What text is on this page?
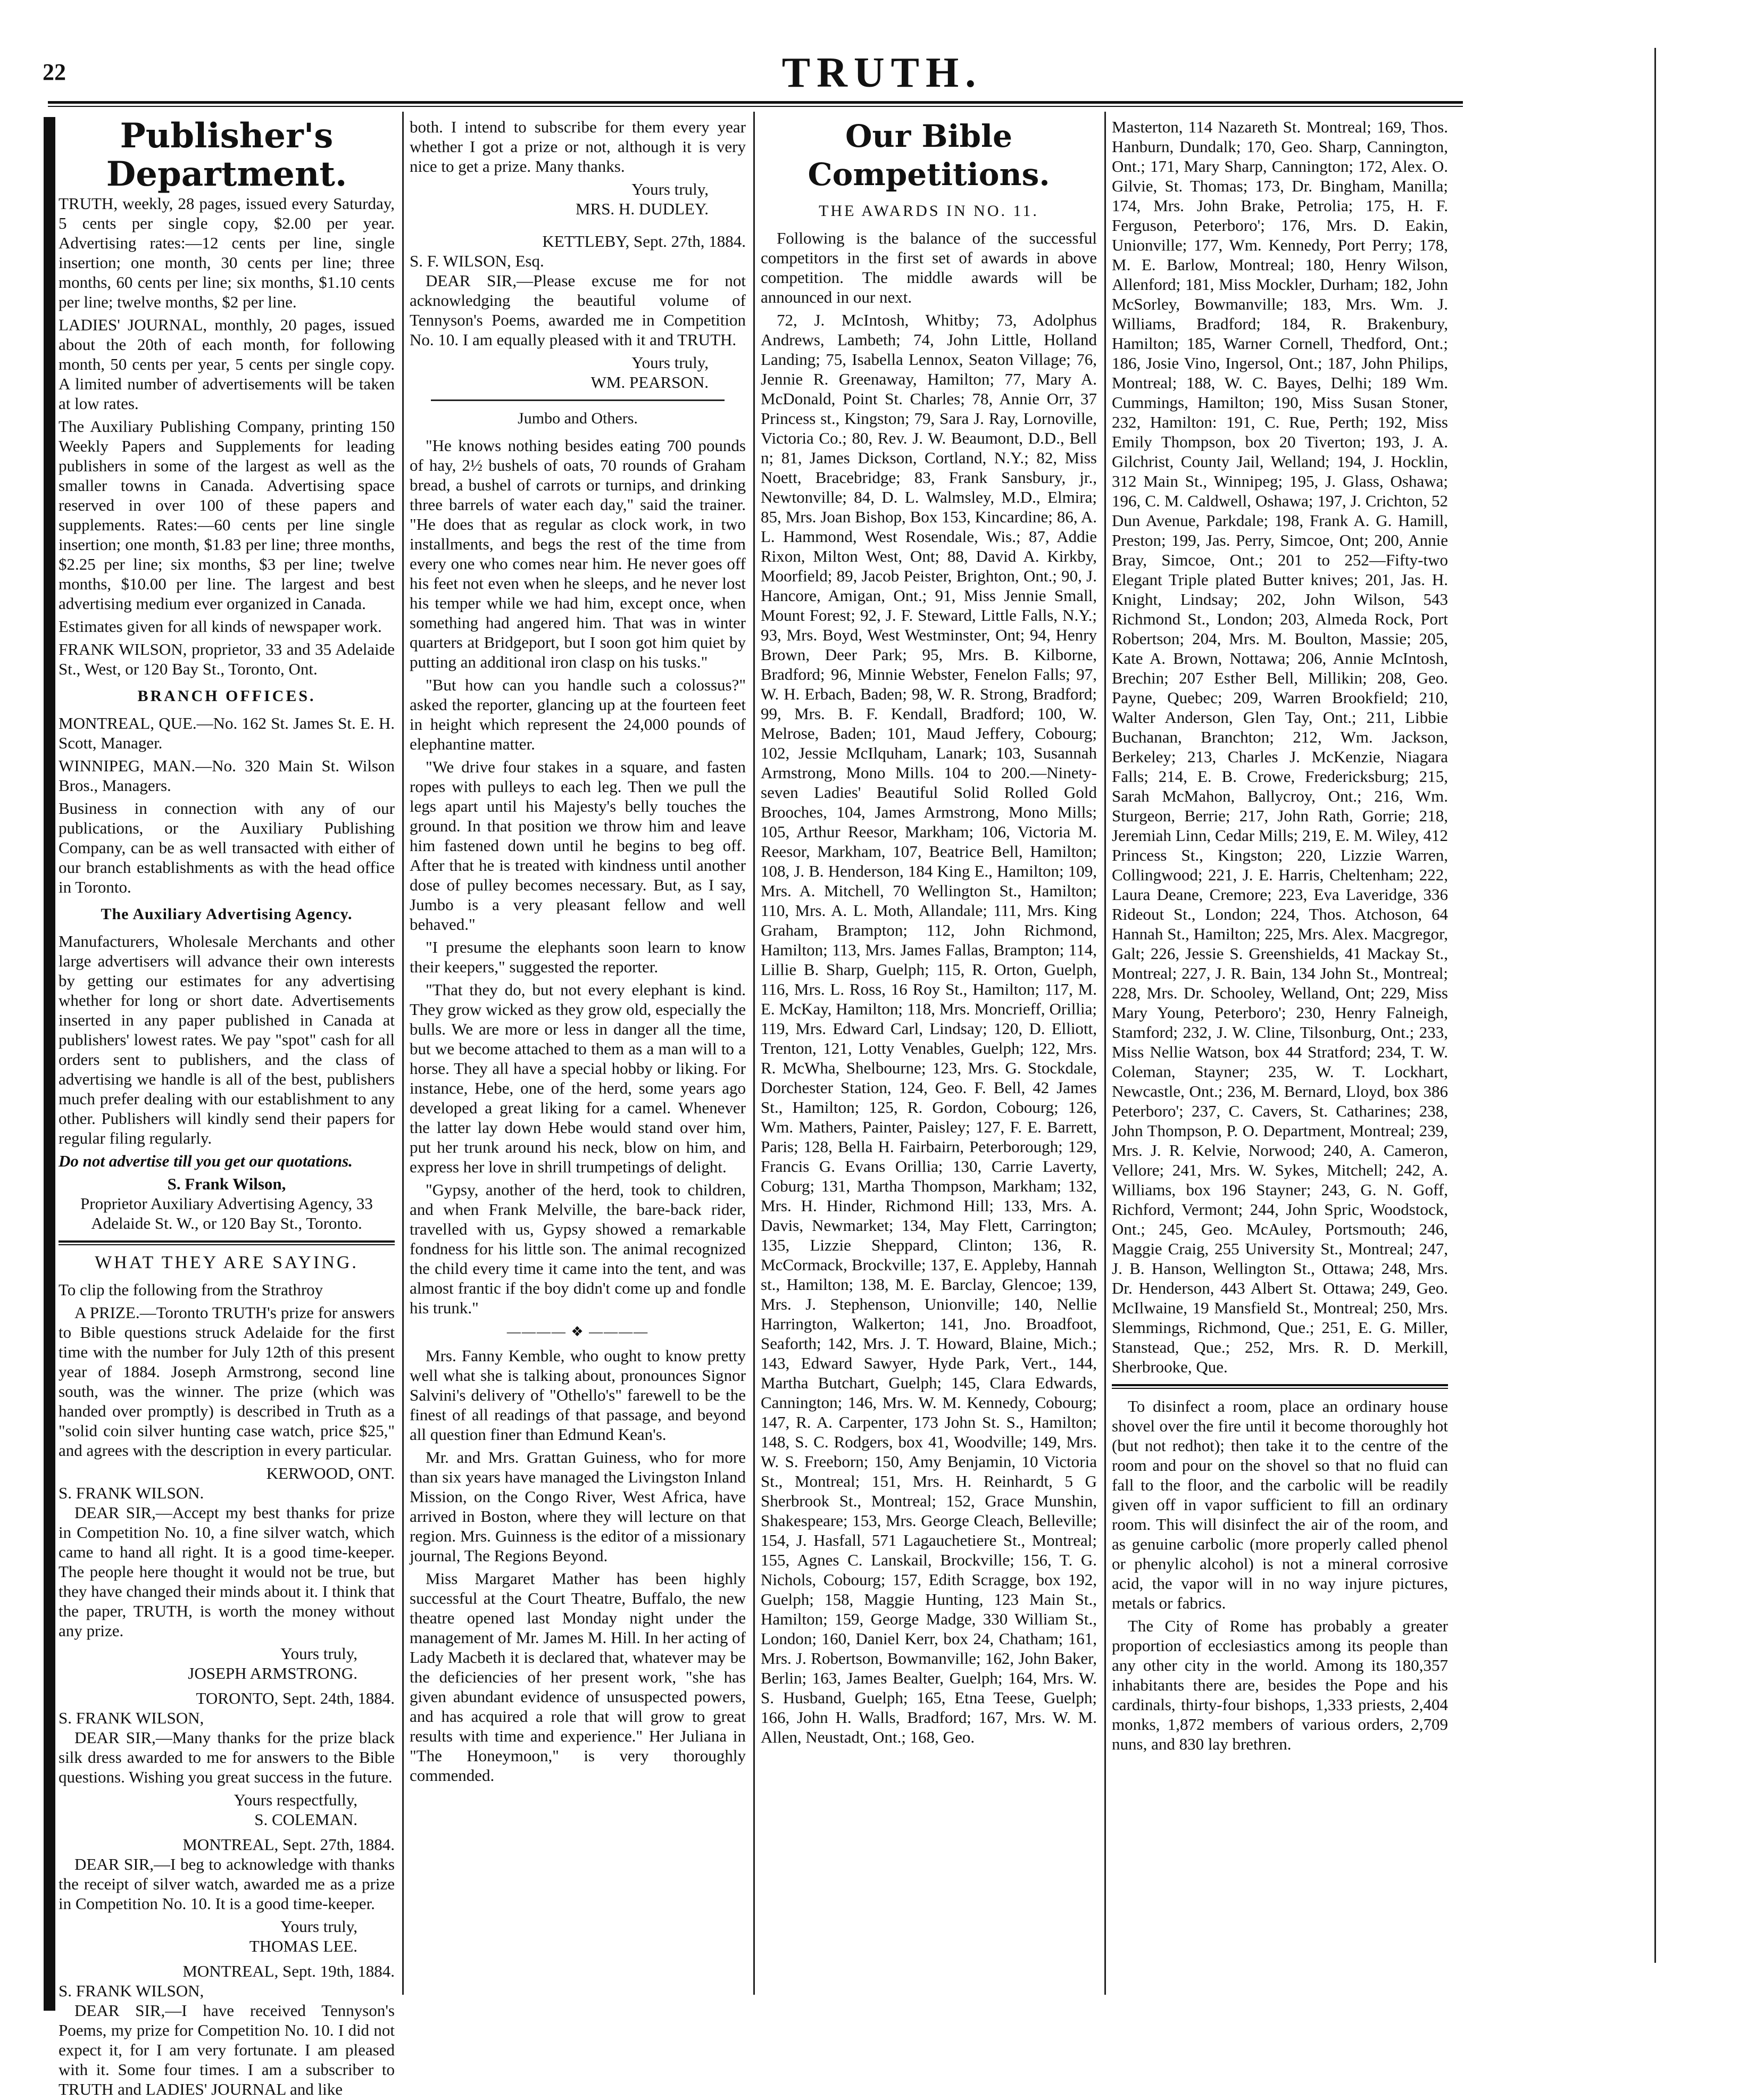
22	TRUTH.
Publisher's Department.

TRUTH, weekly, 28 pages, issued every Saturday, 5 cents per single copy, $2.00 per year. Advertising rates:—12 cents per line, single insertion; one month, 30 cents per line; three months, 60 cents per line; six months, $1.10 cents per line; twelve months, $2 per line.

LADIES' JOURNAL, monthly, 20 pages, issued about the 20th of each month, for following month, 50 cents per year, 5 cents per single copy. A limited number of advertisements will be taken at low rates.

The Auxiliary Publishing Company, printing 150 Weekly Papers and Supplements for leading publishers in some of the largest as well as the smaller towns in Canada. Advertising space reserved in over 100 of these papers and supplements. Rates:—60 cents per line single insertion; one month, $1.83 per line; three months, $2.25 per line; six months, $3 per line; twelve months, $10.00 per line. The largest and best advertising medium ever organized in Canada.

Estimates given for all kinds of newspaper work.

FRANK WILSON, proprietor, 33 and 35 Adelaide St., West, or 120 Bay St., Toronto, Ont.

BRANCH OFFICES.

MONTREAL, QUE.—No. 162 St. James St. E. H. Scott, Manager.

WINNIPEG, MAN.—No. 320 Main St. Wilson Bros., Managers.

Business in connection with any of our publications, or the Auxiliary Publishing Company, can be as well transacted with either of our branch establishments as with the head office in Toronto.

The Auxiliary Advertising Agency.

Manufacturers, Wholesale Merchants and other large advertisers will advance their own interests by getting our estimates for any advertising whether for long or short date. Advertisements inserted in any paper published in Canada at publishers' lowest rates. We pay "spot" cash for all orders sent to publishers, and the class of advertising we handle is all of the best, publishers much prefer dealing with our establishment to any other. Publishers will kindly send their papers for regular filing regularly.

Do not advertise till you get our quotations.

S. Frank Wilson,
Proprietor Auxiliary Advertising Agency, 33 Adelaide St. W., or 120 Bay St., Toronto.
WHAT THEY ARE SAYING.

To clip the following from the Strathroy

A PRIZE.—Toronto TRUTH's prize for answers to Bible questions struck Adelaide for the first time with the number for July 12th of this present year of 1884. Joseph Armstrong, second line south, was the winner. The prize (which was handed over promptly) is described in Truth as a "solid coin silver hunting case watch, price $25," and agrees with the description in every particular.

KERWOOD, ONT.
S. FRANK WILSON.

DEAR SIR,—Accept my best thanks for prize in Competition No. 10, a fine silver watch, which came to hand all right. It is a good time-keeper. The people here thought it would not be true, but they have changed their minds about it. I think that the paper, TRUTH, is worth the money without any prize.

Yours truly,
JOSEPH ARMSTRONG.
TORONTO, Sept. 24th, 1884.
S. FRANK WILSON,

DEAR SIR,—Many thanks for the prize black silk dress awarded to me for answers to the Bible questions. Wishing you great success in the future.

Yours respectfully,
S. COLEMAN.
MONTREAL, Sept. 27th, 1884.

DEAR SIR,—I beg to acknowledge with thanks the receipt of silver watch, awarded me as a prize in Competition No. 10. It is a good time-keeper.

Yours truly,
THOMAS LEE.
MONTREAL, Sept. 19th, 1884.
S. FRANK WILSON,

DEAR SIR,—I have received Tennyson's Poems, my prize for Competition No. 10. I did not expect it, for I am very fortunate. I am pleased with it. Some four times. I am a subscriber to TRUTH and LADIES' JOURNAL and like

both. I intend to subscribe for them every year whether I got a prize or not, although it is very nice to get a prize. Many thanks.

Yours truly,
MRS. H. DUDLEY.
KETTLEBY, Sept. 27th, 1884.
S. F. WILSON, Esq.

DEAR SIR,—Please excuse me for not acknowledging the beautiful volume of Tennyson's Poems, awarded me in Competition No. 10. I am equally pleased with it and TRUTH.

Yours truly,
WM. PEARSON.
Jumbo and Others.

"He knows nothing besides eating 700 pounds of hay, 2½ bushels of oats, 70 rounds of Graham bread, a bushel of carrots or turnips, and drinking three barrels of water each day," said the trainer. "He does that as regular as clock work, in two installments, and begs the rest of the time from every one who comes near him. He never goes off his feet not even when he sleeps, and he never lost his temper while we had him, except once, when something had angered him. That was in winter quarters at Bridgeport, but I soon got him quiet by putting an additional iron clasp on his tusks."

"But how can you handle such a colossus?" asked the reporter, glancing up at the fourteen feet in height which represent the 24,000 pounds of elephantine matter.

"We drive four stakes in a square, and fasten ropes with pulleys to each leg. Then we pull the legs apart until his Majesty's belly touches the ground. In that position we throw him and leave him fastened down until he begins to beg off. After that he is treated with kindness until another dose of pulley becomes necessary. But, as I say, Jumbo is a very pleasant fellow and well behaved."

"I presume the elephants soon learn to know their keepers," suggested the reporter.

"That they do, but not every elephant is kind. They grow wicked as they grow old, especially the bulls. We are more or less in danger all the time, but we become attached to them as a man will to a horse. They all have a special hobby or liking. For instance, Hebe, one of the herd, some years ago developed a great liking for a camel. Whenever the latter lay down Hebe would stand over him, put her trunk around his neck, blow on him, and express her love in shrill trumpetings of delight.

"Gypsy, another of the herd, took to children, and when Frank Melville, the bare-back rider, travelled with us, Gypsy showed a remarkable fondness for his little son. The animal recognized the child every time it came into the tent, and was almost frantic if the boy didn't come up and fondle his trunk."

———— ❖ ————

Mrs. Fanny Kemble, who ought to know pretty well what she is talking about, pronounces Signor Salvini's delivery of "Othello's" farewell to be the finest of all readings of that passage, and beyond all question finer than Edmund Kean's.

Mr. and Mrs. Grattan Guiness, who for more than six years have managed the Livingston Inland Mission, on the Congo River, West Africa, have arrived in Boston, where they will lecture on that region. Mrs. Guinness is the editor of a missionary journal, The Regions Beyond.

Miss Margaret Mather has been highly successful at the Court Theatre, Buffalo, the new theatre opened last Monday night under the management of Mr. James M. Hill. In her acting of Lady Macbeth it is declared that, whatever may be the deficiencies of her present work, "she has given abundant evidence of unsuspected powers, and has acquired a role that will grow to great results with time and experience." Her Juliana in "The Honeymoon," is very thoroughly commended.

Our Bible Competitions.
THE AWARDS IN NO. 11.

Following is the balance of the successful competitors in the first set of awards in above competition. The middle awards will be announced in our next.

72, J. McIntosh, Whitby; 73, Adolphus Andrews, Lambeth; 74, John Little, Holland Landing; 75, Isabella Lennox, Seaton Village; 76, Jennie R. Greenaway, Hamilton; 77, Mary A. McDonald, Point St. Charles; 78, Annie Orr, 37 Princess st., Kingston; 79, Sara J. Ray, Lornoville, Victoria Co.; 80, Rev. J. W. Beaumont, D.D., Bell n; 81, James Dickson, Cortland, N.Y.; 82, Miss Noett, Bracebridge; 83, Frank Sansbury, jr., Newtonville; 84, D. L. Walmsley, M.D., Elmira; 85, Mrs. Joan Bishop, Box 153, Kincardine; 86, A. L. Hammond, West Rosendale, Wis.; 87, Addie Rixon, Milton West, Ont; 88, David A. Kirkby, Moorfield; 89, Jacob Peister, Brighton, Ont.; 90, J. Hancore, Amigan, Ont.; 91, Miss Jennie Small, Mount Forest; 92, J. F. Steward, Little Falls, N.Y.; 93, Mrs. Boyd, West Westminster, Ont; 94, Henry Brown, Deer Park; 95, Mrs. B. Kilborne, Bradford; 96, Minnie Webster, Fenelon Falls; 97, W. H. Erbach, Baden; 98, W. R. Strong, Bradford; 99, Mrs. B. F. Kendall, Bradford; 100, W. Melrose, Baden; 101, Maud Jeffery, Cobourg; 102, Jessie McIlquham, Lanark; 103, Susannah Armstrong, Mono Mills. 104 to 200.—Ninety-seven Ladies' Beautiful Solid Rolled Gold Brooches, 104, James Armstrong, Mono Mills; 105, Arthur Reesor, Markham; 106, Victoria M. Reesor, Markham, 107, Beatrice Bell, Hamilton; 108, J. B. Henderson, 184 King E., Hamilton; 109, Mrs. A. Mitchell, 70 Wellington St., Hamilton; 110, Mrs. A. L. Moth, Allandale; 111, Mrs. King Graham, Brampton; 112, John Richmond, Hamilton; 113, Mrs. James Fallas, Brampton; 114, Lillie B. Sharp, Guelph; 115, R. Orton, Guelph, 116, Mrs. L. Ross, 16 Roy St., Hamilton; 117, M. E. McKay, Hamilton; 118, Mrs. Moncrieff, Orillia; 119, Mrs. Edward Carl, Lindsay; 120, D. Elliott, Trenton, 121, Lotty Venables, Guelph; 122, Mrs. R. McWha, Shelbourne; 123, Mrs. G. Stockdale, Dorchester Station, 124, Geo. F. Bell, 42 James St., Hamilton; 125, R. Gordon, Cobourg; 126, Wm. Mathers, Painter, Paisley; 127, F. E. Barrett, Paris; 128, Bella H. Fairbairn, Peterborough; 129, Francis G. Evans Orillia; 130, Carrie Laverty, Coburg; 131, Martha Thompson, Markham; 132, Mrs. H. Hinder, Richmond Hill; 133, Mrs. A. Davis, Newmarket; 134, May Flett, Carrington; 135, Lizzie Sheppard, Clinton; 136, R. McCormack, Brockville; 137, E. Appleby, Hannah st., Hamilton; 138, M. E. Barclay, Glencoe; 139, Mrs. J. Stephenson, Unionville; 140, Nellie Harrington, Walkerton; 141, Jno. Broadfoot, Seaforth; 142, Mrs. J. T. Howard, Blaine, Mich.; 143, Edward Sawyer, Hyde Park, Vert., 144, Martha Butchart, Guelph; 145, Clara Edwards, Cannington; 146, Mrs. W. M. Kennedy, Cobourg; 147, R. A. Carpenter, 173 John St. S., Hamilton; 148, S. C. Rodgers, box 41, Woodville; 149, Mrs. W. S. Freeborn; 150, Amy Benjamin, 10 Victoria St., Montreal; 151, Mrs. H. Reinhardt, 5 G Sherbrook St., Montreal; 152, Grace Munshin, Shakespeare; 153, Mrs. George Cleach, Belleville; 154, J. Hasfall, 571 Lagauchetiere St., Montreal; 155, Agnes C. Lanskail, Brockville; 156, T. G. Nichols, Cobourg; 157, Edith Scragge, box 192, Guelph; 158, Maggie Hunting, 123 Main St., Hamilton; 159, George Madge, 330 William St., London; 160, Daniel Kerr, box 24, Chatham; 161, Mrs. J. Robertson, Bowmanville; 162, John Baker, Berlin; 163, James Bealter, Guelph; 164, Mrs. W. S. Husband, Guelph; 165, Etna Teese, Guelph; 166, John H. Walls, Bradford; 167, Mrs. W. M. Allen, Neustadt, Ont.; 168, Geo.

Masterton, 114 Nazareth St. Montreal; 169, Thos. Hanburn, Dundalk; 170, Geo. Sharp, Cannington, Ont.; 171, Mary Sharp, Cannington; 172, Alex. O. Gilvie, St. Thomas; 173, Dr. Bingham, Manilla; 174, Mrs. John Brake, Petrolia; 175, H. F. Ferguson, Peterboro'; 176, Mrs. D. Eakin, Unionville; 177, Wm. Kennedy, Port Perry; 178, M. E. Barlow, Montreal; 180, Henry Wilson, Allenford; 181, Miss Mockler, Durham; 182, John McSorley, Bowmanville; 183, Mrs. Wm. J. Williams, Bradford; 184, R. Brakenbury, Hamilton; 185, Warner Cornell, Thedford, Ont.; 186, Josie Vino, Ingersol, Ont.; 187, John Philips, Montreal; 188, W. C. Bayes, Delhi; 189 Wm. Cummings, Hamilton; 190, Miss Susan Stoner, 232, Hamilton: 191, C. Rue, Perth; 192, Miss Emily Thompson, box 20 Tiverton; 193, J. A. Gilchrist, County Jail, Welland; 194, J. Hocklin, 312 Main St., Winnipeg; 195, J. Glass, Oshawa; 196, C. M. Caldwell, Oshawa; 197, J. Crichton, 52 Dun Avenue, Parkdale; 198, Frank A. G. Hamill, Preston; 199, Jas. Perry, Simcoe, Ont; 200, Annie Bray, Simcoe, Ont.; 201 to 252—Fifty-two Elegant Triple plated Butter knives; 201, Jas. H. Knight, Lindsay; 202, John Wilson, 543 Richmond St., London; 203, Almeda Rock, Port Robertson; 204, Mrs. M. Boulton, Massie; 205, Kate A. Brown, Nottawa; 206, Annie McIntosh, Brechin; 207 Esther Bell, Millikin; 208, Geo. Payne, Quebec; 209, Warren Brookfield; 210, Walter Anderson, Glen Tay, Ont.; 211, Libbie Buchanan, Branchton; 212, Wm. Jackson, Berkeley; 213, Charles J. McKenzie, Niagara Falls; 214, E. B. Crowe, Fredericksburg; 215, Sarah McMahon, Ballycroy, Ont.; 216, Wm. Sturgeon, Berrie; 217, John Rath, Gorrie; 218, Jeremiah Linn, Cedar Mills; 219, E. M. Wiley, 412 Princess St., Kingston; 220, Lizzie Warren, Collingwood; 221, J. E. Harris, Cheltenham; 222, Laura Deane, Cremore; 223, Eva Laveridge, 336 Rideout St., London; 224, Thos. Atchoson, 64 Hannah St., Hamilton; 225, Mrs. Alex. Macgregor, Galt; 226, Jessie S. Greenshields, 41 Mackay St., Montreal; 227, J. R. Bain, 134 John St., Montreal; 228, Mrs. Dr. Schooley, Welland, Ont; 229, Miss Mary Young, Peterboro'; 230, Henry Falneigh, Stamford; 232, J. W. Cline, Tilsonburg, Ont.; 233, Miss Nellie Watson, box 44 Stratford; 234, T. W. Coleman, Stayner; 235, W. T. Lockhart, Newcastle, Ont.; 236, M. Bernard, Lloyd, box 386 Peterboro'; 237, C. Cavers, St. Catharines; 238, John Thompson, P. O. Department, Montreal; 239, Mrs. J. R. Kelvie, Norwood; 240, A. Cameron, Vellore; 241, Mrs. W. Sykes, Mitchell; 242, A. Williams, box 196 Stayner; 243, G. N. Goff, Richford, Vermont; 244, John Spric, Woodstock, Ont.; 245, Geo. McAuley, Portsmouth; 246, Maggie Craig, 255 University St., Montreal; 247, J. B. Hanson, Wellington St., Ottawa; 248, Mrs. Dr. Henderson, 443 Albert St. Ottawa; 249, Geo. McIlwaine, 19 Mansfield St., Montreal; 250, Mrs. Slemmings, Richmond, Que.; 251, E. G. Miller, Stanstead, Que.; 252, Mrs. R. D. Merkill, Sherbrooke, Que.

To disinfect a room, place an ordinary house shovel over the fire until it become thoroughly hot (but not redhot); then take it to the centre of the room and pour on the shovel so that no fluid can fall to the floor, and the carbolic will be readily given off in vapor sufficient to fill an ordinary room. This will disinfect the air of the room, and as genuine carbolic (more properly called phenol or phenylic alcohol) is not a mineral corrosive acid, the vapor will in no way injure pictures, metals or fabrics.

The City of Rome has probably a greater proportion of ecclesiastics among its people than any other city in the world. Among its 180,357 inhabitants there are, besides the Pope and his cardinals, thirty-four bishops, 1,333 priests, 2,404 monks, 1,872 members of various orders, 2,709 nuns, and 830 lay brethren.
